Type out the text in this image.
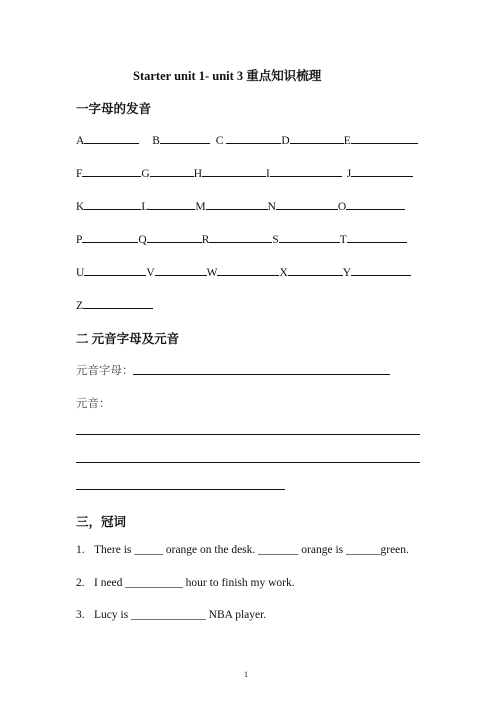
Starter unit 1- unit 3 重点知识梳理
一字母的发音
A	B	C	D	E
F	G	H	I	J
K	L	M	N	O
P	Q	R	S	T
U	V	W	X	Y
Z
二 元音字母及元音
元音字母：
元音：
三，冠词
1. There is _____ orange on the desk. _______ orange is ______green.
2. I need __________ hour to finish my work.
3. Lucy is _____________ NBA player.
1
